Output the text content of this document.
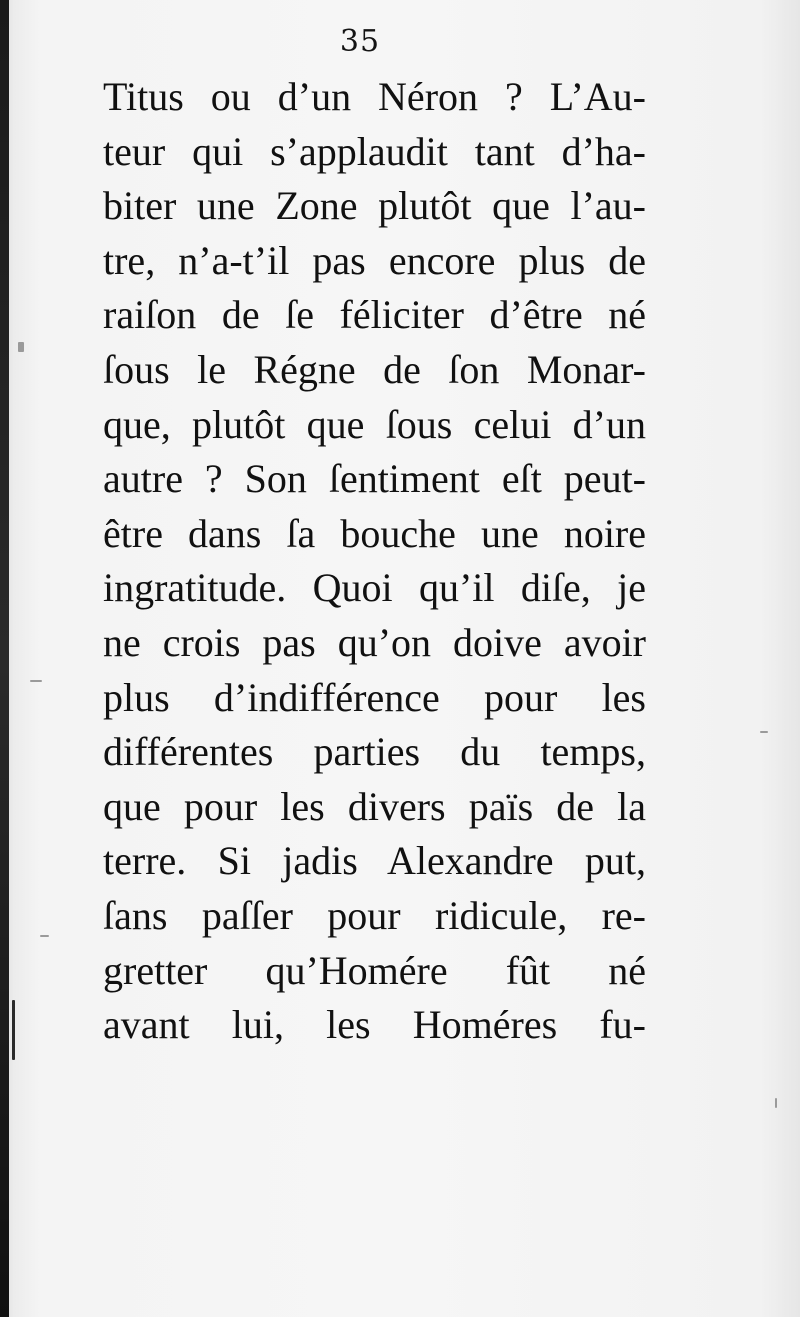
35
Titus ou d’un Néron ? L’Au-
teur qui s’applaudit tant d’ha-
biter une Zone plutôt que l’au-
tre, n’a-t’il pas encore plus de
raiſon de ſe féliciter d’être né
ſous le Régne de ſon Monar-
que, plutôt que ſous celui d’un
autre ? Son ſentiment eſt peut-
être dans ſa bouche une noire
ingratitude. Quoi qu’il diſe, je
ne crois pas qu’on doive avoir
plus d’indifférence pour les
différentes parties du temps,
que pour les divers païs de la
terre. Si jadis Alexandre put,
ſans paſſer pour ridicule, re-
gretter qu’Homére fût né
avant lui, les Homéres fu-
